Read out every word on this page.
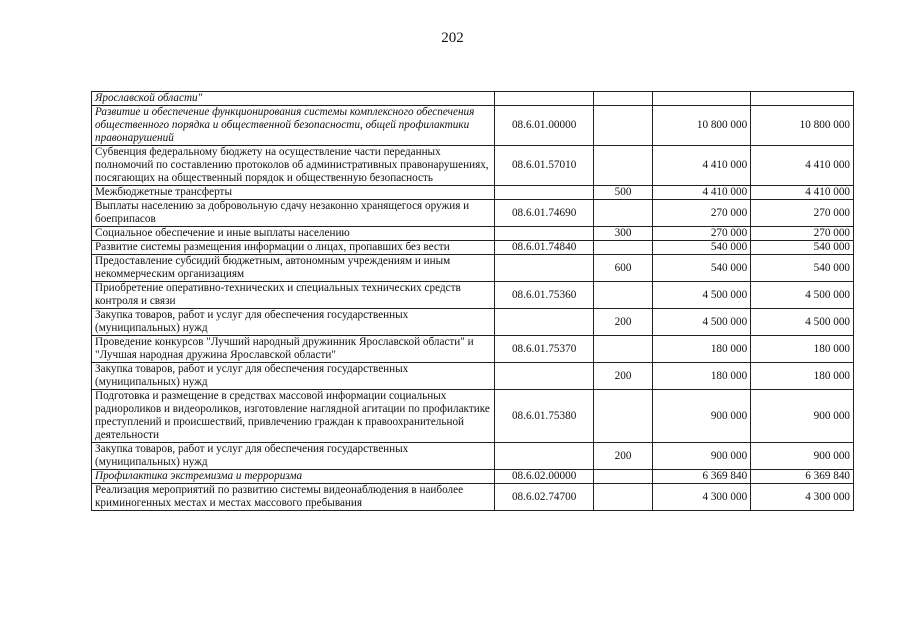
202
Ярославской области"				
Развитие и обеспечение функционирования системы комплексного обеспечения общественного порядка и общественной безопасности, общей профилактики правонарушений	08.6.01.00000		10 800 000	10 800 000
Субвенция федеральному бюджету на осуществление части переданных полномочий по составлению протоколов об административных правонарушениях, посягающих на общественный порядок и общественную безопасность	08.6.01.57010		4 410 000	4 410 000
Межбюджетные трансферты		500	4 410 000	4 410 000
Выплаты населению за добровольную сдачу незаконно хранящегося оружия и боеприпасов	08.6.01.74690		270 000	270 000
Социальное обеспечение и иные выплаты населению		300	270 000	270 000
Развитие системы размещения информации о лицах, пропавших без вести	08.6.01.74840		540 000	540 000
Предоставление субсидий бюджетным, автономным учреждениям и иным некоммерческим организациям		600	540 000	540 000
Приобретение оперативно-технических и специальных технических средств контроля и связи	08.6.01.75360		4 500 000	4 500 000
Закупка товаров, работ и услуг для обеспечения государственных (муниципальных) нужд		200	4 500 000	4 500 000
Проведение конкурсов "Лучший народный дружинник Ярославской области" и "Лучшая народная дружина Ярославской области"	08.6.01.75370		180 000	180 000
Закупка товаров, работ и услуг для обеспечения государственных (муниципальных) нужд		200	180 000	180 000
Подготовка и размещение в средствах массовой информации социальных радиороликов и видеороликов, изготовление наглядной агитации по профилактике преступлений и происшествий, привлечению граждан к правоохранительной деятельности	08.6.01.75380		900 000	900 000
Закупка товаров, работ и услуг для обеспечения государственных (муниципальных) нужд		200	900 000	900 000
Профилактика экстремизма и терроризма	08.6.02.00000		6 369 840	6 369 840
Реализация мероприятий по развитию системы видеонаблюдения в наиболее криминогенных местах и местах массового пребывания	08.6.02.74700		4 300 000	4 300 000
